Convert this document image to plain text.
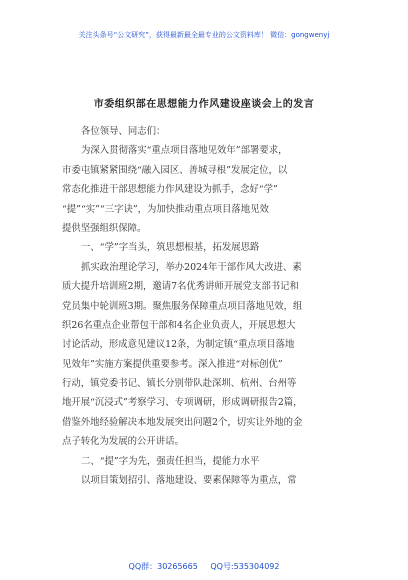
关注头条号“公文研究”，获得最新最全最专业的公文资料库！ 微信：gongwenyj
市委组织部在思想能力作风建设座谈会上的发言
各位领导、同志们：
为深入贯彻落实“重点项目落地见效年”部署要求，
市委屯镇紧紧围绕“融入园区、善城寻根”发展定位，以
常态化推进干部思想能力作风建设为抓手，念好“学”
“提”“实”“三字诀”，为加快推动重点项目落地见效
提供坚强组织保障。
一、“学”字当头，筑思想根基，拓发展思路
抓实政治理论学习，举办2024年干部作风大改进、素
质大提升培训班2期，邀请7名优秀讲师开展党支部书记和
党员集中轮训班3期。聚焦服务保障重点项目落地见效，组
织26名重点企业帮包干部和4名企业负责人，开展思想大
讨论活动，形成意见建议12条，为制定镇“重点项目落地
见效年”实施方案提供重要参考。深入推进“对标创优”
行动，镇党委书记、镇长分别带队赴深圳、杭州、台州等
地开展“沉浸式”考察学习、专项调研，形成调研报告2篇，
借鉴外地经验解决本地发展突出问题2个，切实让外地的金
点子转化为发展的公开讲话。
二、“提”字为先，强责任担当，提能力水平
以项目策划招引、落地建设、要素保障等为重点，常
QQ群：30265665 QQ号:535304092
